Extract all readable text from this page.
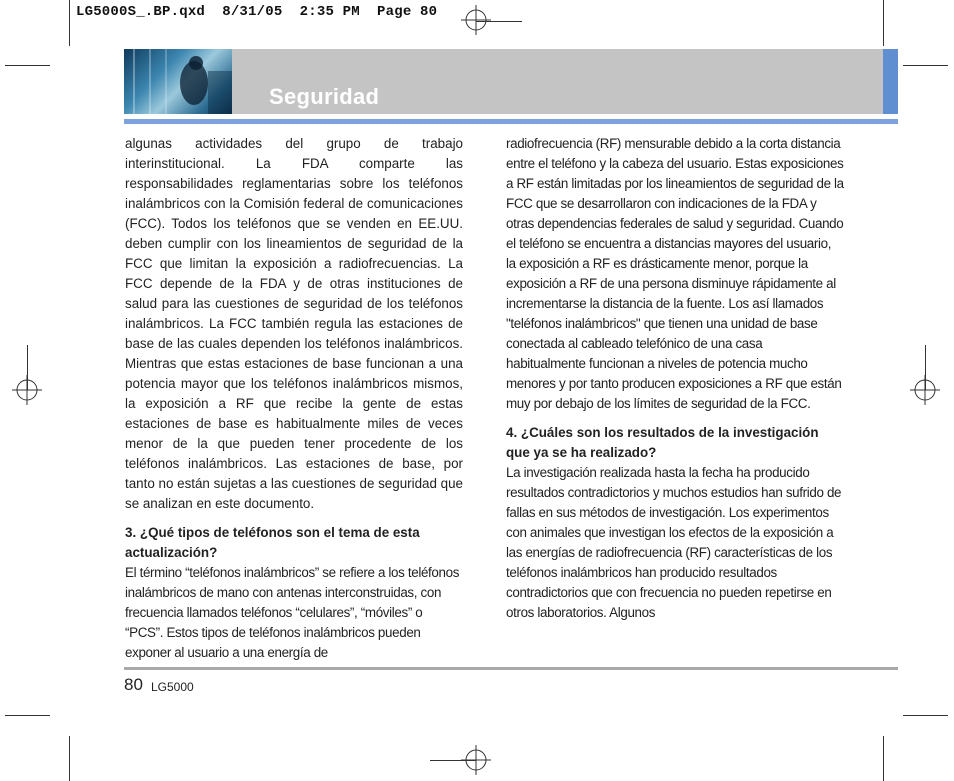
LG5000S_.BP.qxd  8/31/05  2:35 PM  Page 80
Seguridad

algunas actividades del grupo de trabajo interinstitucional. La FDA comparte las responsabilidades reglamentarias sobre los teléfonos inalámbricos con la Comisión federal de comunicaciones (FCC). Todos los teléfonos que se venden en EE.UU. deben cumplir con los lineamientos de seguridad de la FCC que limitan la exposición a radiofrecuencias. La FCC depende de la FDA y de otras instituciones de salud para las cuestiones de seguridad de los teléfonos inalámbricos. La FCC también regula las estaciones de base de las cuales dependen los teléfonos inalámbricos. Mientras que estas estaciones de base funcionan a una potencia mayor que los teléfonos inalámbricos mismos, la exposición a RF que recibe la gente de estas estaciones de base es habitualmente miles de veces menor de la que pueden tener procedente de los teléfonos inalámbricos. Las estaciones de base, por tanto no están sujetas a las cuestiones de seguridad que se analizan en este documento.

3. ¿Qué tipos de teléfonos son el tema de esta actualización?

El término “teléfonos inalámbricos” se refiere a los teléfonos inalámbricos de mano con antenas interconstruidas, con frecuencia llamados teléfonos “celulares”, “móviles” o “PCS”. Estos tipos de teléfonos inalámbricos pueden exponer al usuario a una energía de

radiofrecuencia (RF) mensurable debido a la corta distancia entre el teléfono y la cabeza del usuario. Estas exposiciones a RF están limitadas por los lineamientos de seguridad de la FCC que se desarrollaron con indicaciones de la FDA y otras dependencias federales de salud y seguridad. Cuando el teléfono se encuentra a distancias mayores del usuario, la exposición a RF es drásticamente menor, porque la exposición a RF de una persona disminuye rápidamente al incrementarse la distancia de la fuente. Los así llamados "teléfonos inalámbricos" que tienen una unidad de base conectada al cableado telefónico de una casa habitualmente funcionan a niveles de potencia mucho menores y por tanto producen exposiciones a RF que están muy por debajo de los límites de seguridad de la FCC.

4. ¿Cuáles son los resultados de la investigación que ya se ha realizado?

La investigación realizada hasta la fecha ha producido resultados contradictorios y muchos estudios han sufrido de fallas en sus métodos de investigación. Los experimentos con animales que investigan los efectos de la exposición a las energías de radiofrecuencia (RF) características de los teléfonos inalámbricos han producido resultados contradictorios que con frecuencia no pueden repetirse en otros laboratorios. Algunos

80 LG5000
